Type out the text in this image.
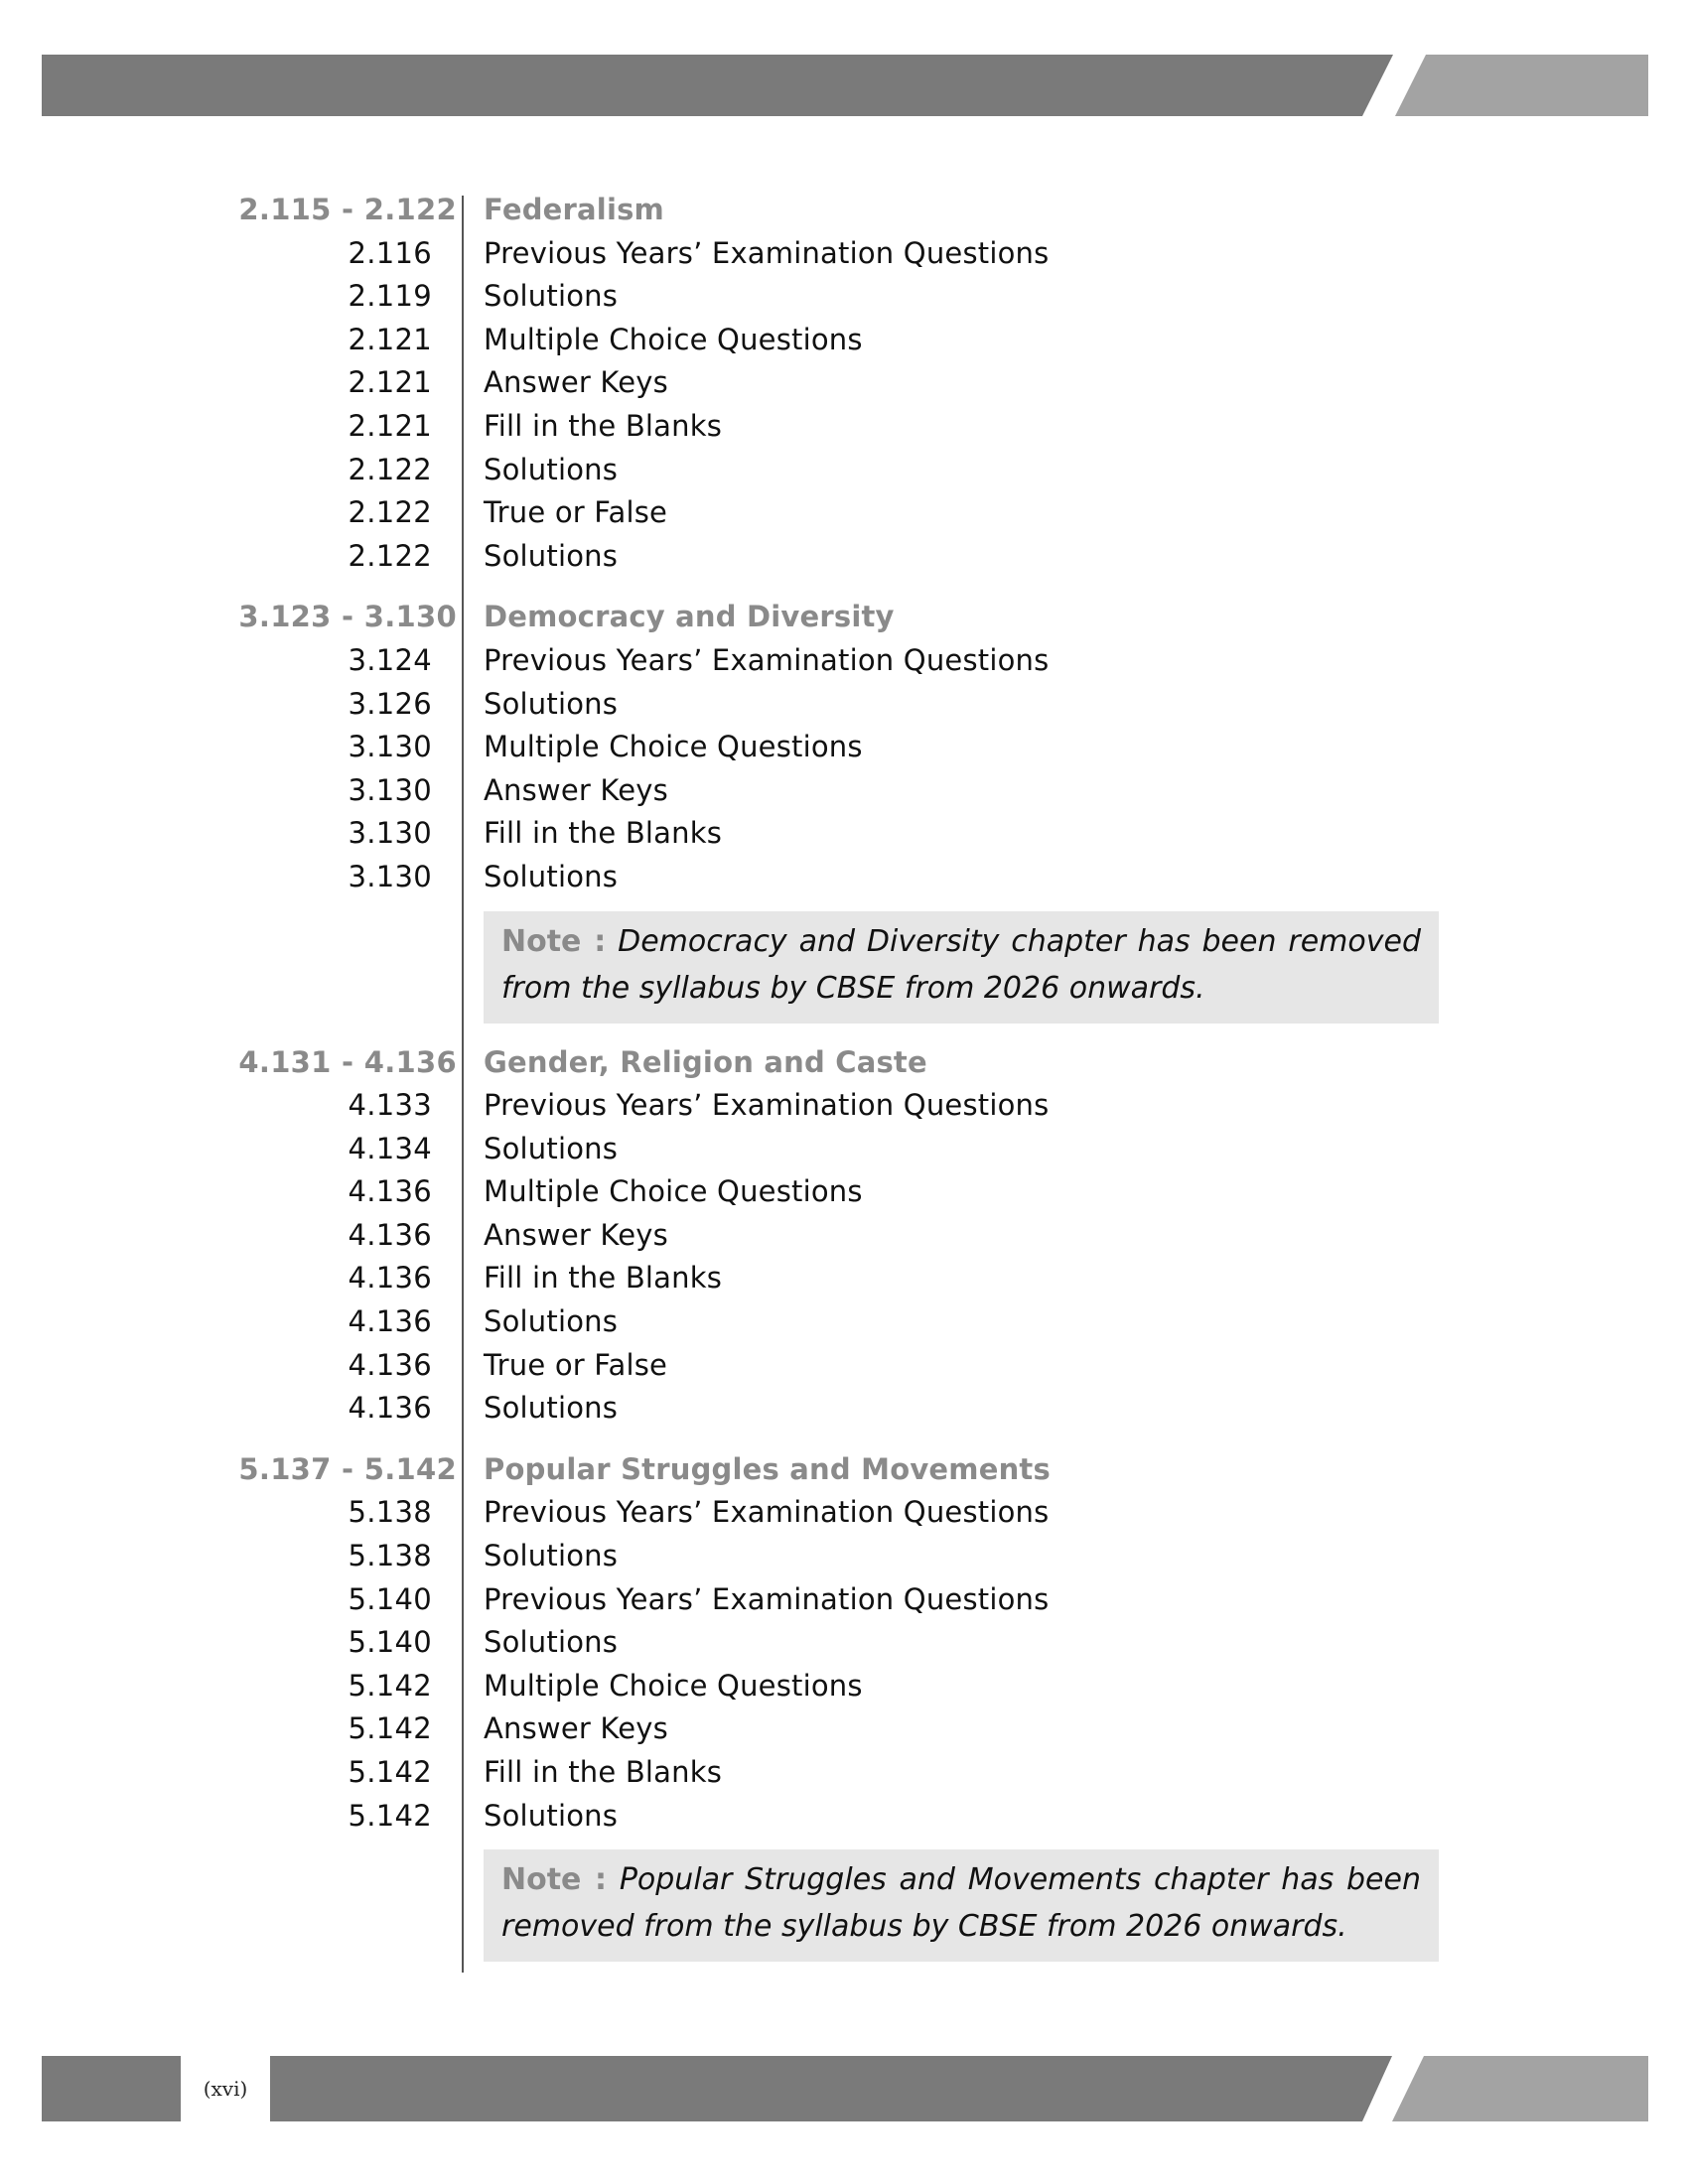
(xvi)
2.115 - 2.122 Federalism
2.116 Previous Years’ Examination Questions
2.119 Solutions
2.121 Multiple Choice Questions
2.121 Answer Keys
2.121 Fill in the Blanks
2.122 Solutions
2.122 True or False
2.122 Solutions
3.123 - 3.130 Democracy and Diversity
3.124 Previous Years’ Examination Questions
3.126 Solutions
3.130 Multiple Choice Questions
3.130 Answer Keys
3.130 Fill in the Blanks
3.130 Solutions
Note : Democracy and Diversity chapter has been removed from the syllabus by CBSE from 2026 onwards.
4.131 - 4.136 Gender, Religion and Caste
4.133 Previous Years’ Examination Questions
4.134 Solutions
4.136 Multiple Choice Questions
4.136 Answer Keys
4.136 Fill in the Blanks
4.136 Solutions
4.136 True or False
4.136 Solutions
5.137 - 5.142 Popular Struggles and Movements
5.138 Previous Years’ Examination Questions
5.138 Solutions
5.140 Previous Years’ Examination Questions
5.140 Solutions
5.142 Multiple Choice Questions
5.142 Answer Keys
5.142 Fill in the Blanks
5.142 Solutions
Note : Popular Struggles and Movements chapter has been removed from the syllabus by CBSE from 2026 onwards.
